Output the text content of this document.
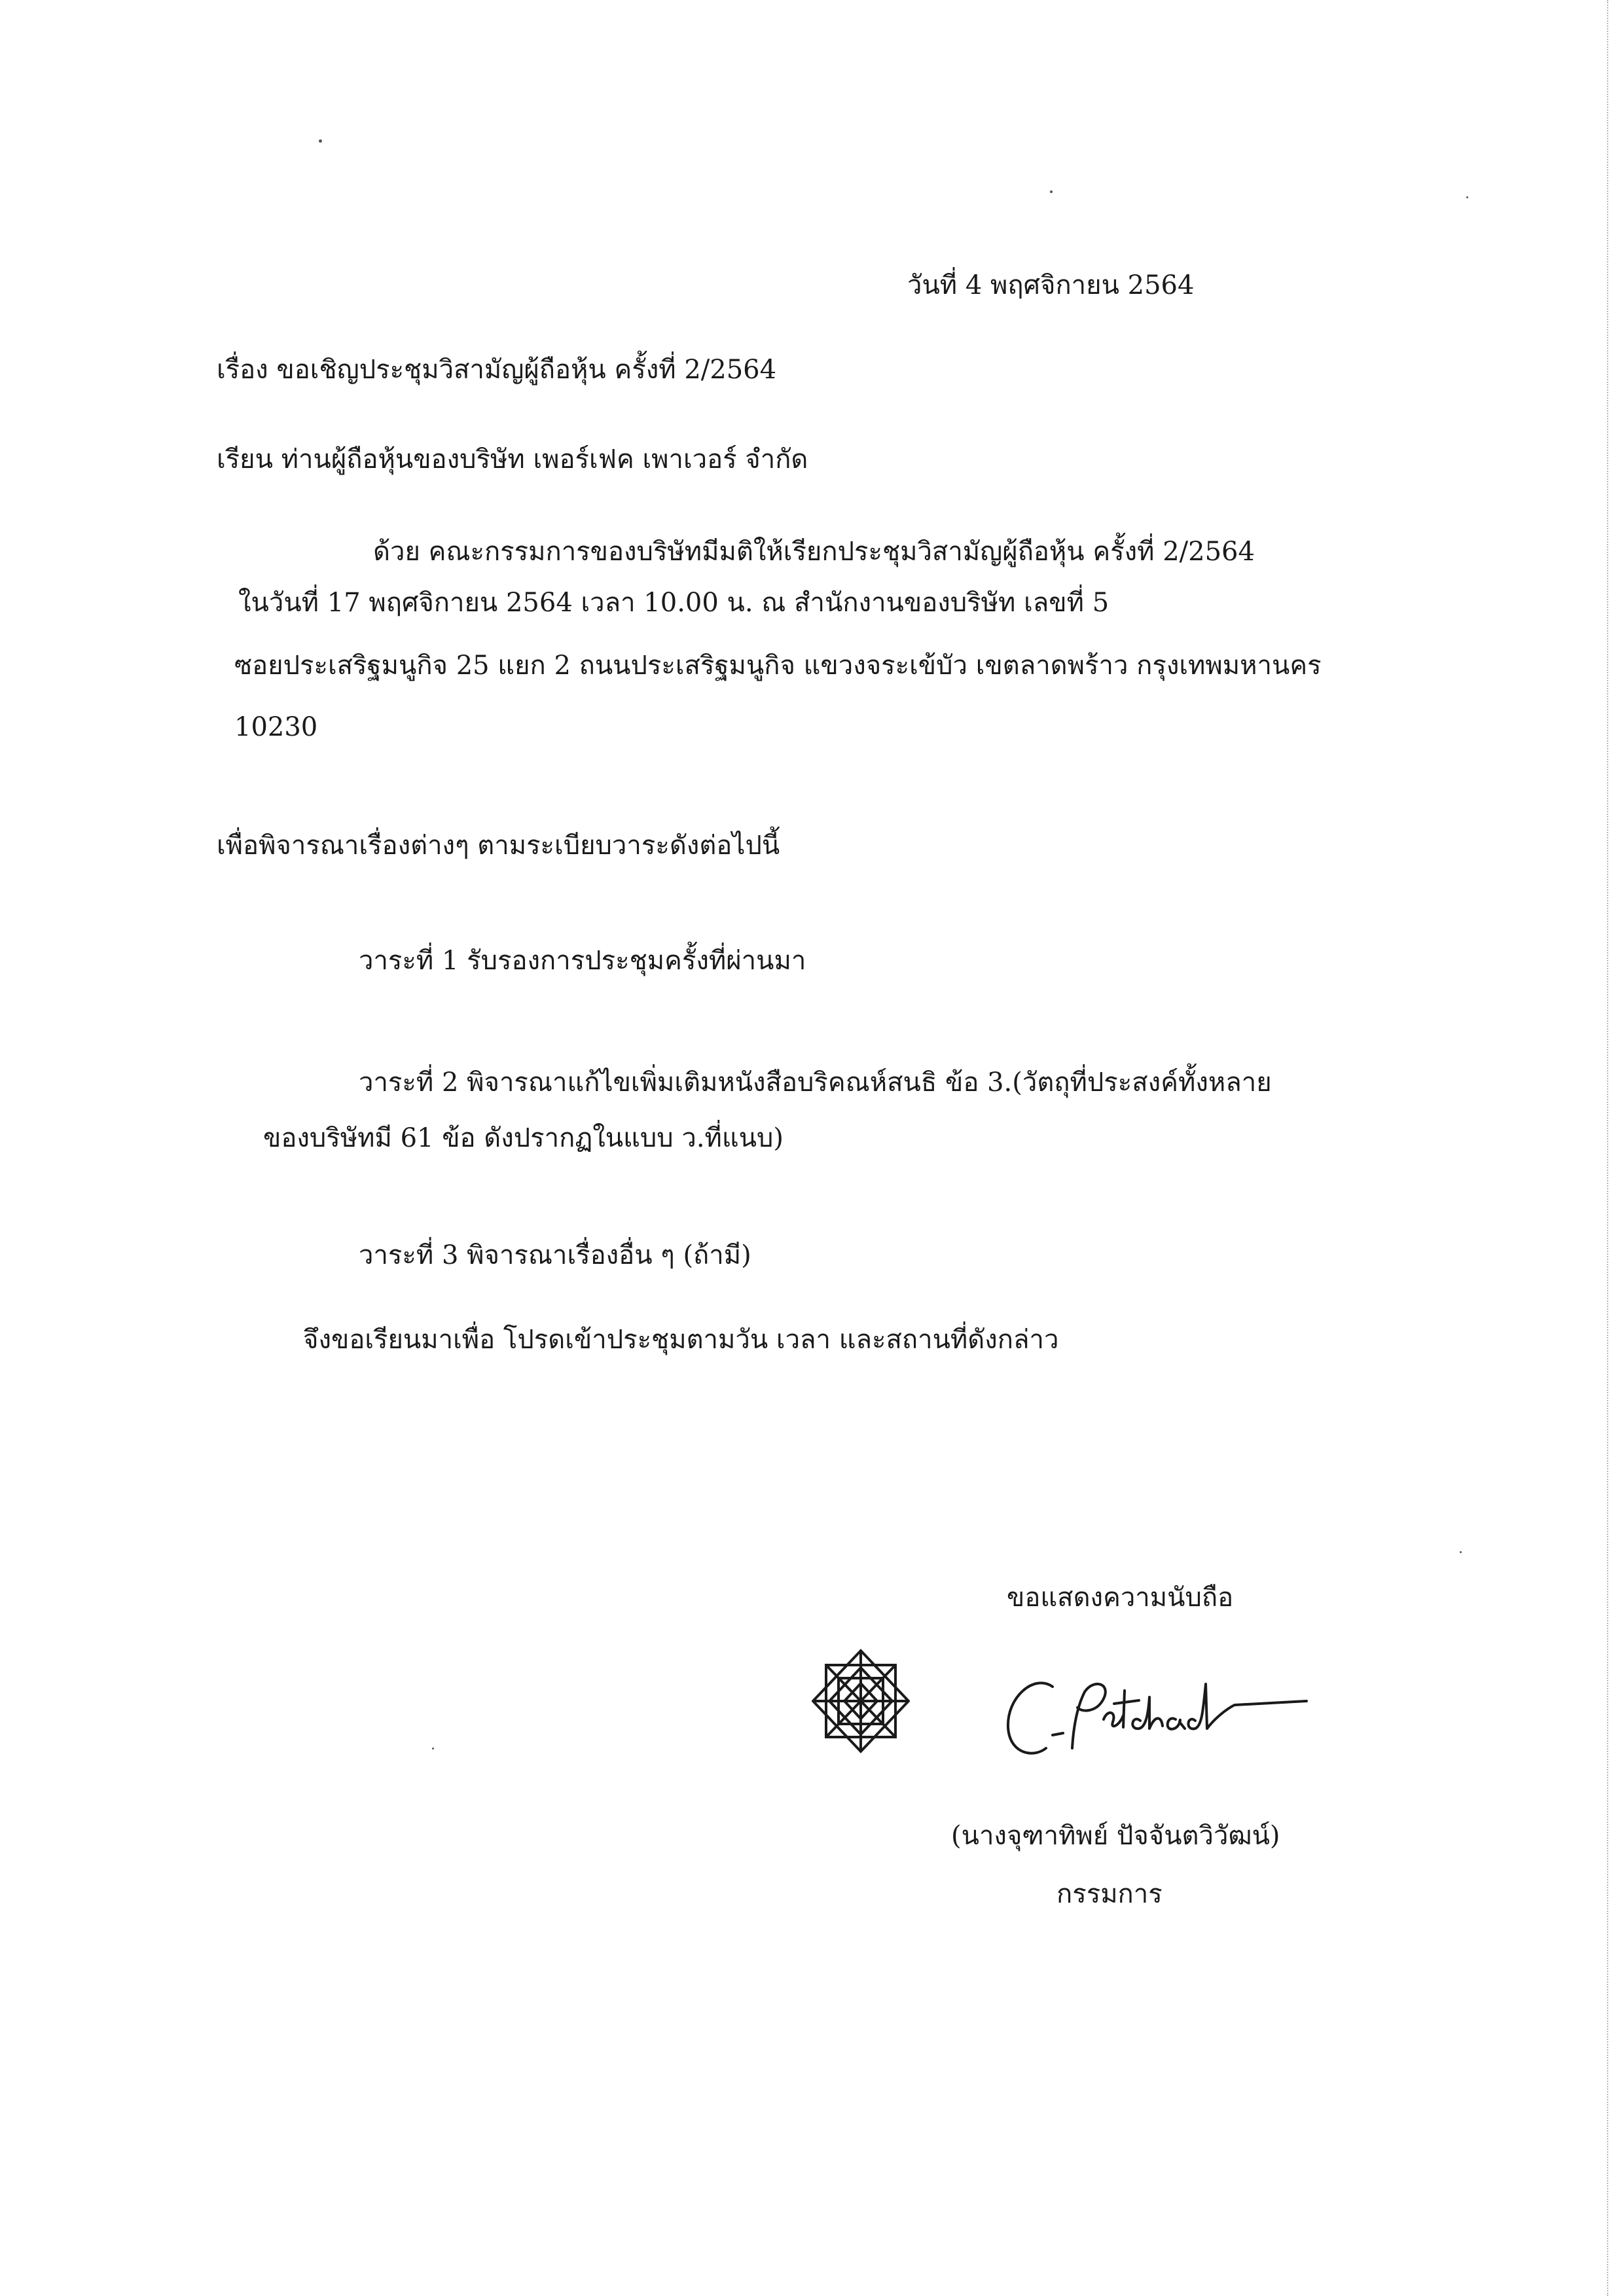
วันที่ 4 พฤศจิกายน 2564
เรื่อง ขอเชิญประชุมวิสามัญผู้ถือหุ้น ครั้งที่ 2/2564
เรียน ท่านผู้ถือหุ้นของบริษัท เพอร์เฟค เพาเวอร์ จำกัด
ด้วย คณะกรรมการของบริษัทมีมติให้เรียกประชุมวิสามัญผู้ถือหุ้น ครั้งที่ 2/2564
ในวันที่ 17 พฤศจิกายน 2564 เวลา 10.00 น. ณ สำนักงานของบริษัท เลขที่ 5
ซอยประเสริฐมนูกิจ 25 แยก 2 ถนนประเสริฐมนูกิจ แขวงจระเข้บัว เขตลาดพร้าว กรุงเทพมหานคร
10230
เพื่อพิจารณาเรื่องต่างๆ ตามระเบียบวาระดังต่อไปนี้
วาระที่ 1 รับรองการประชุมครั้งที่ผ่านมา
วาระที่ 2 พิจารณาแก้ไขเพิ่มเติมหนังสือบริคณห์สนธิ ข้อ 3.(วัตถุที่ประสงค์ทั้งหลาย
ของบริษัทมี 61 ข้อ ดังปรากฏในแบบ ว.ที่แนบ)
วาระที่ 3 พิจารณาเรื่องอื่น ๆ (ถ้ามี)
จึงขอเรียนมาเพื่อ โปรดเข้าประชุมตามวัน เวลา และสถานที่ดังกล่าว
ขอแสดงความนับถือ
(นางจุฑาทิพย์ ปัจจันตวิวัฒน์)
กรรมการ
